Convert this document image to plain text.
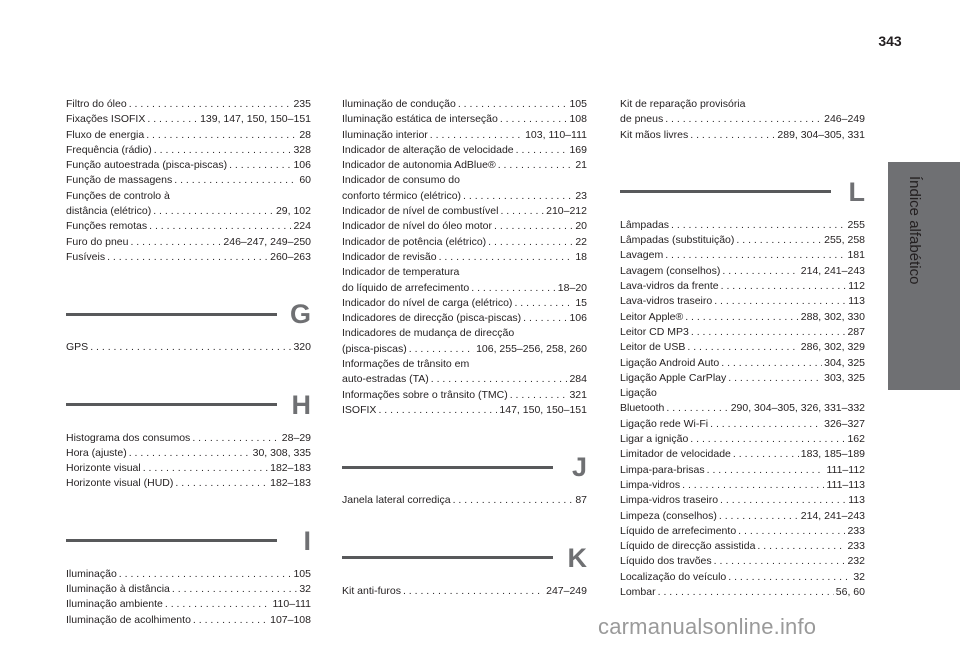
343
Índice alfabético
Filtro do óleo . . .	235
Fixações ISOFIX . . .	139, 147, 150, 150–151
Fluxo de energia . . .	28
Frequência (rádio) . . .	328
Função autoestrada (pisca-piscas) . . .	106
Função de massagens . . .	60
Funções de controlo à
distância (elétrico) . . .	29, 102
Funções remotas . . .	224
Furo do pneu . . .	246–247, 249–250
Fusíveis . . .	260–263
G
GPS . . .	320
H
Histograma dos consumos . . .	28–29
Hora (ajuste) . . .	30, 308, 335
Horizonte visual . . .	182–183
Horizonte visual (HUD) . . .	182–183
I
Iluminação . . .	105
Iluminação à distância . . .	32
Iluminação ambiente . . .	110–111
Iluminação de acolhimento . . .	107–108
Iluminação de condução . . .	105
Iluminação estática de interseção . . .	108
Iluminação interior . . .	103, 110–111
Indicador de alteração de velocidade . . .	169
Indicador de autonomia AdBlue® . . .	21
Indicador de consumo do
conforto térmico (elétrico) . . .	23
Indicador de nível de combustível . . .	210–212
Indicador de nível do óleo motor . . .	20
Indicador de potência (elétrico) . . .	22
Indicador de revisão . . .	18
Indicador de temperatura
do líquido de arrefecimento . . .	18–20
Indicador do nível de carga (elétrico) . . .	15
Indicadores de direcção (pisca-piscas) . . .	106
Indicadores de mudança de direcção
(pisca-piscas) . . .	106, 255–256, 258, 260
Informações de trânsito em
auto-estradas (TA) . . .	284
Informações sobre o trânsito (TMC) . . .	321
ISOFIX . . .	147, 150, 150–151
J
Janela lateral corrediça . . .	87
K
Kit anti-furos . . .	247–249
Kit de reparação provisória
de pneus . . .	246–249
Kit mãos livres . . .	289, 304–305, 331
L
Lâmpadas . . .	255
Lâmpadas (substituição) . . .	255, 258
Lavagem . . .	181
Lavagem (conselhos) . . .	214, 241–243
Lava-vidros da frente . . .	112
Lava-vidros traseiro . . .	113
Leitor Apple® . . .	288, 302, 330
Leitor CD MP3 . . .	287
Leitor de USB . . .	286, 302, 329
Ligação Android Auto . . .	304, 325
Ligação Apple CarPlay . . .	303, 325
Ligação
Bluetooth . . .	290, 304–305, 326, 331–332
Ligação rede Wi-Fi . . .	326–327
Ligar a ignição . . .	162
Limitador de velocidade . . .	183, 185–189
Limpa-para-brisas . . .	111–112
Limpa-vidros . . .	111–113
Limpa-vidros traseiro . . .	113
Limpeza (conselhos) . . .	214, 241–243
Líquido de arrefecimento . . .	233
Líquido de direcção assistida . . .	233
Líquido dos travões . . .	232
Localização do veículo . . .	32
Lombar . . .	56, 60
carmanualsonline.info
